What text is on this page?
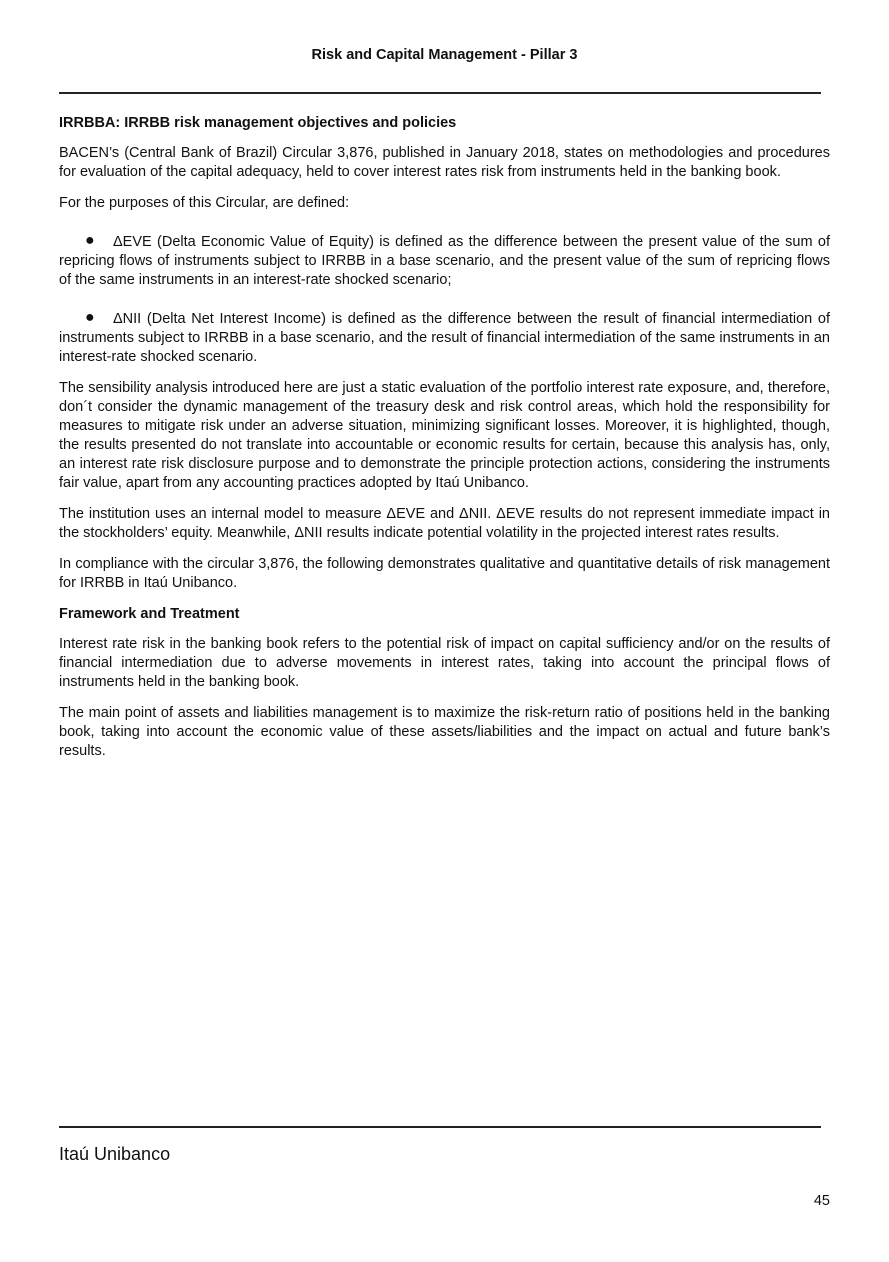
Risk and Capital Management - Pillar 3
IRRBBA: IRRBB risk management objectives and policies

BACEN’s (Central Bank of Brazil) Circular 3,876, published in January 2018, states on methodologies and procedures for evaluation of the capital adequacy, held to cover interest rates risk from instruments held in the banking book.

For the purposes of this Circular, are defined:

● ΔEVE (Delta Economic Value of Equity) is defined as the difference between the present value of the sum of repricing flows of instruments subject to IRRBB in a base scenario, and the present value of the sum of repricing flows of the same instruments in an interest-rate shocked scenario;
● ΔNII (Delta Net Interest Income) is defined as the difference between the result of financial intermediation of instruments subject to IRRBB in a base scenario, and the result of financial intermediation of the same instruments in an interest-rate shocked scenario.

The sensibility analysis introduced here are just a static evaluation of the portfolio interest rate exposure, and, therefore, don´t consider the dynamic management of the treasury desk and risk control areas, which hold the responsibility for measures to mitigate risk under an adverse situation, minimizing significant losses. Moreover, it is highlighted, though, the results presented do not translate into accountable or economic results for certain, because this analysis has, only, an interest rate risk disclosure purpose and to demonstrate the principle protection actions, considering the instruments fair value, apart from any accounting practices adopted by Itaú Unibanco.

The institution uses an internal model to measure ΔEVE and ΔNII. ΔEVE results do not represent immediate impact in the stockholders’ equity. Meanwhile, ΔNII results indicate potential volatility in the projected interest rates results.

In compliance with the circular 3,876, the following demonstrates qualitative and quantitative details of risk management for IRRBB in Itaú Unibanco.

Framework and Treatment

Interest rate risk in the banking book refers to the potential risk of impact on capital sufficiency and/or on the results of financial intermediation due to adverse movements in interest rates, taking into account the principal flows of instruments held in the banking book.

The main point of assets and liabilities management is to maximize the risk-return ratio of positions held in the banking book, taking into account the economic value of these assets/liabilities and the impact on actual and future bank’s results.

Itaú Unibanco
45
